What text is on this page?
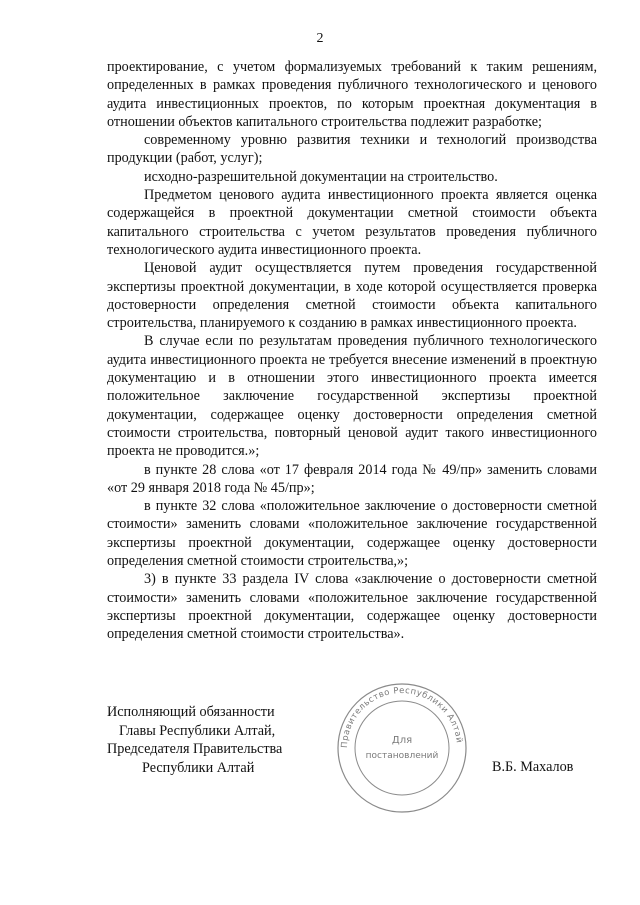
2

проектирование, с учетом формализуемых требований к таким решениям, определенных в рамках проведения публичного технологического и ценового аудита инвестиционных проектов, по которым проектная документация в отношении объектов капитального строительства подлежит разработке;

современному уровню развития техники и технологий производства продукции (работ, услуг);

исходно-разрешительной документации на строительство.

Предметом ценового аудита инвестиционного проекта является оценка содержащейся в проектной документации сметной стоимости объекта капитального строительства с учетом результатов проведения публичного технологического аудита инвестиционного проекта.

Ценовой аудит осуществляется путем проведения государственной экспертизы проектной документации, в ходе которой осуществляется проверка достоверности определения сметной стоимости объекта капитального строительства, планируемого к созданию в рамках инвестиционного проекта.

В случае если по результатам проведения публичного технологического аудита инвестиционного проекта не требуется внесение изменений в проектную документацию и в отношении этого инвестиционного проекта имеется положительное заключение государственной экспертизы проектной документации, содержащее оценку достоверности определения сметной стоимости строительства, повторный ценовой аудит такого инвестиционного проекта не проводится.»;

в пункте 28 слова «от 17 февраля 2014 года № 49/пр» заменить словами «от 29 января 2018 года № 45/пр»;

в пункте 32 слова «положительное заключение о достоверности сметной стоимости» заменить словами «положительное заключение государственной экспертизы проектной документации, содержащее оценку достоверности определения сметной стоимости строительства,»;

3) в пункте 33 раздела IV слова «заключение о достоверности сметной стоимости» заменить словами «положительное заключение государственной экспертизы проектной документации, содержащее оценку достоверности определения сметной стоимости строительства».

Исполняющий обязанности
Главы Республики Алтай,
Председателя Правительства
Республики Алтай	В.Б. Махалов
Правительство Республики Алтай
Для
постановлений
